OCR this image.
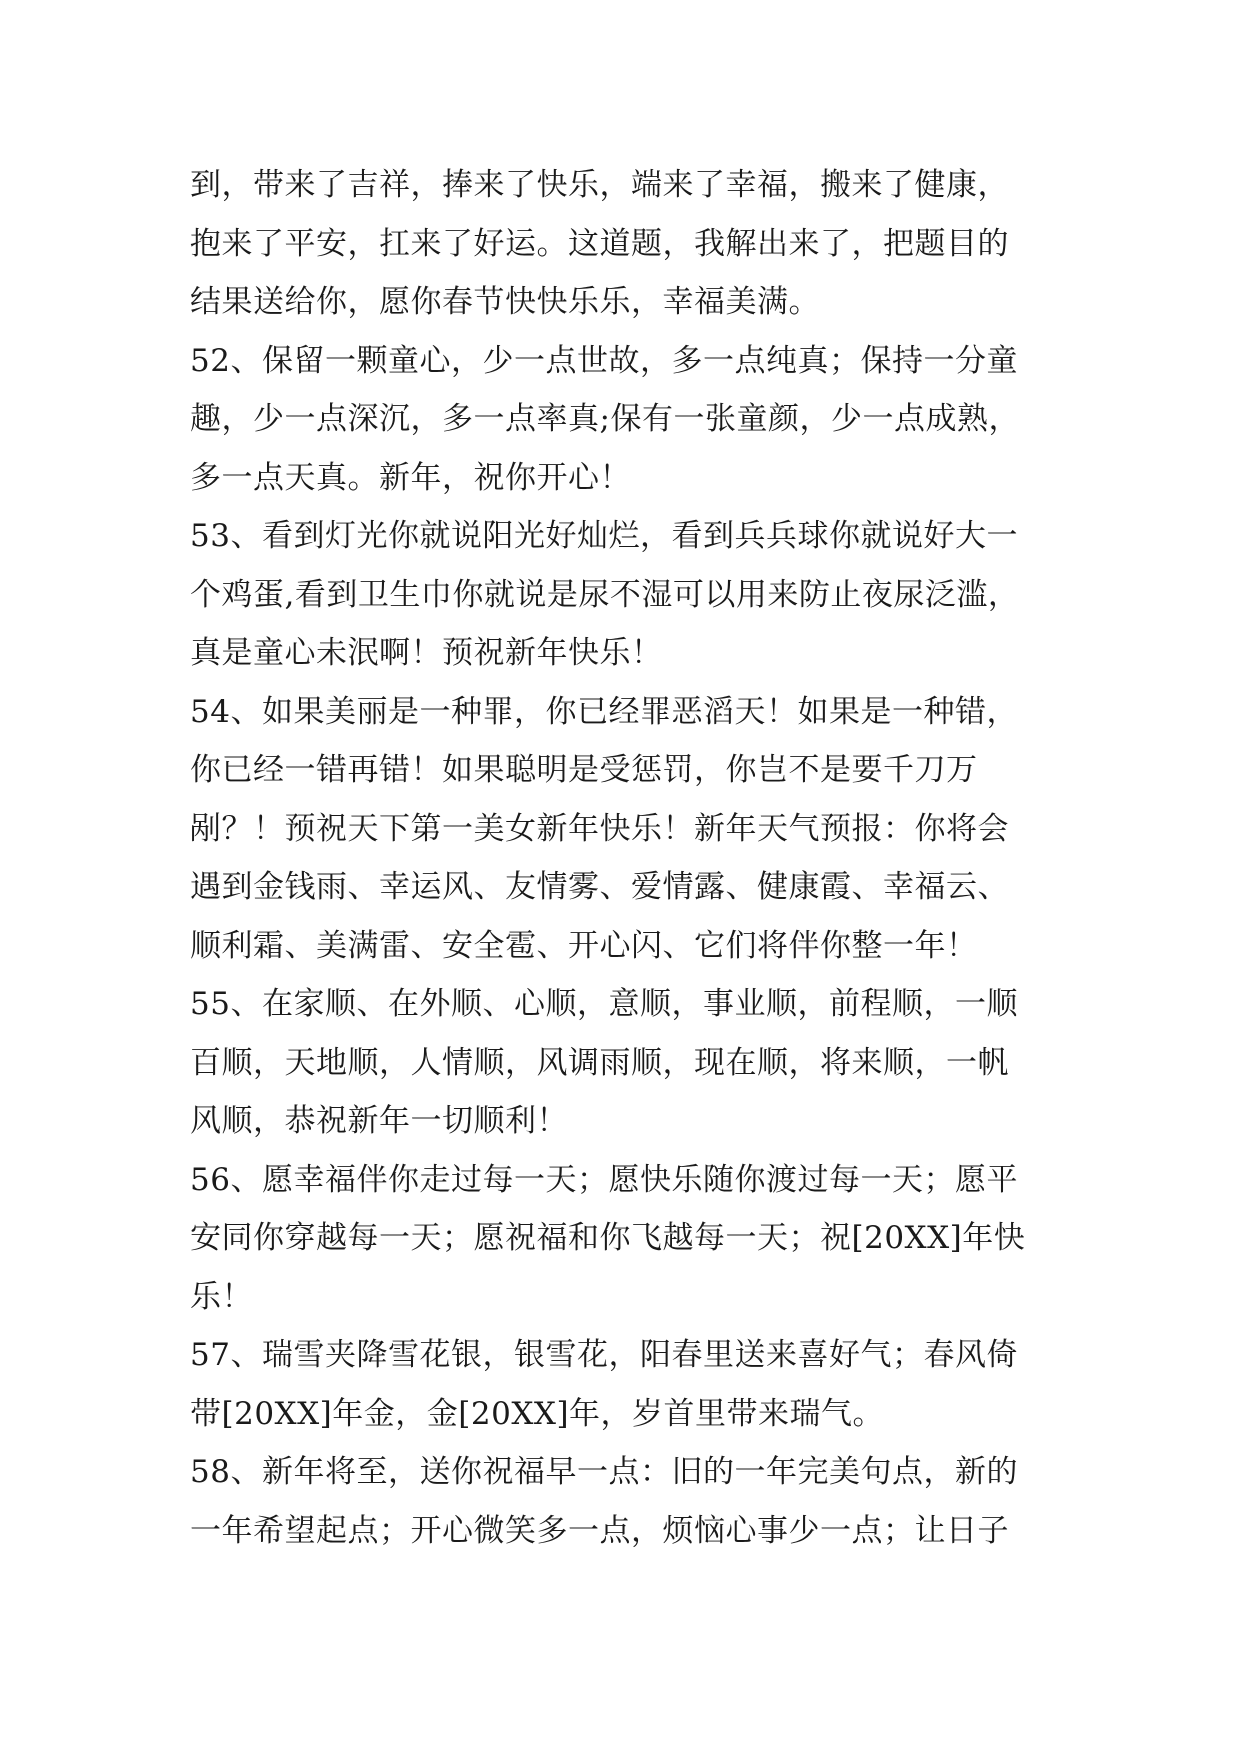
到，带来了吉祥，捧来了快乐，端来了幸福，搬来了健康，
抱来了平安，扛来了好运。这道题，我解出来了，把题目的
结果送给你，愿你春节快快乐乐，幸福美满。
52、保留一颗童心，少一点世故，多一点纯真；保持一分童
趣，少一点深沉，多一点率真;保有一张童颜，少一点成熟，
多一点天真。新年，祝你开心！
53、看到灯光你就说阳光好灿烂，看到兵兵球你就说好大一
个鸡蛋,看到卫生巾你就说是尿不湿可以用来防止夜尿泛滥，
真是童心未泯啊！预祝新年快乐！
54、如果美丽是一种罪，你已经罪恶滔天！如果是一种错，
你已经一错再错！如果聪明是受惩罚，你岂不是要千刀万
剐？！预祝天下第一美女新年快乐！新年天气预报：你将会
遇到金钱雨、幸运风、友情雾、爱情露、健康霞、幸福云、
顺利霜、美满雷、安全雹、开心闪、它们将伴你整一年！
55、在家顺、在外顺、心顺，意顺，事业顺，前程顺，一顺
百顺，天地顺，人情顺，风调雨顺，现在顺，将来顺，一帆
风顺，恭祝新年一切顺利！
56、愿幸福伴你走过每一天；愿快乐随你渡过每一天；愿平
安同你穿越每一天；愿祝福和你飞越每一天；祝[20XX]年快
乐！
57、瑞雪夹降雪花银，银雪花，阳春里送来喜好气；春风倚
带[20XX]年金，金[20XX]年，岁首里带来瑞气。
58、新年将至，送你祝福早一点：旧的一年完美句点，新的
一年希望起点；开心微笑多一点，烦恼心事少一点；让日子
